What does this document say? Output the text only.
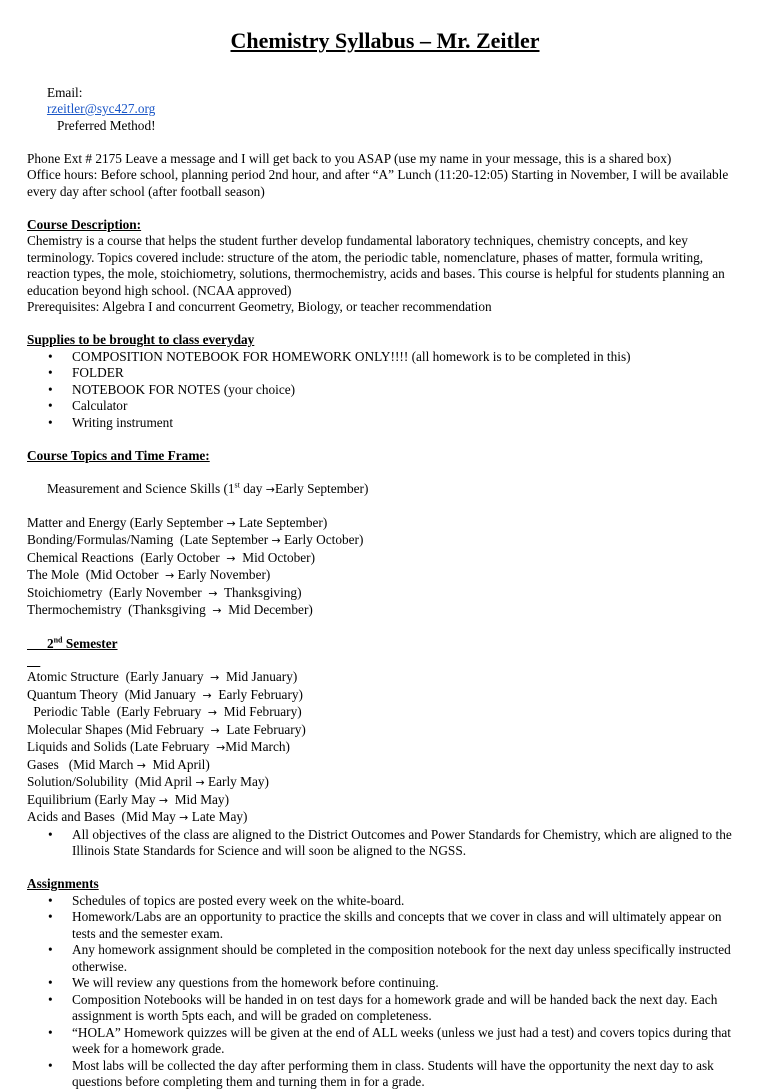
Chemistry Syllabus – Mr. Zeitler

Email:
rzeitler@syc427.org
Preferred Method!

Phone Ext # 2175 Leave a message and I will get back to you ASAP (use my name in your message, this is a shared box)
Office hours: Before school, planning period 2nd hour, and after “A” Lunch (11:20-12:05) Starting in November, I will be available every day after school (after football season)
Course Description:
Chemistry is a course that helps the student further develop fundamental laboratory techniques, chemistry concepts, and key terminology. Topics covered include: structure of the atom, the periodic table, nomenclature, phases of matter, formula writing, reaction types, the mole, stoichiometry, solutions, thermochemistry, acids and bases. This course is helpful for students planning an education beyond high school. (NCAA approved)
Prerequisites: Algebra I and concurrent Geometry, Biology, or teacher recommendation
Supplies to be brought to class everyday
• COMPOSITION NOTEBOOK FOR HOMEWORK ONLY!!!! (all homework is to be completed in this)
• FOLDER
• NOTEBOOK FOR NOTES (your choice)
• Calculator
• Writing instrument
Course Topics and Time Frame:

Measurement and Science Skills (1st day →Early September)

Matter and Energy (Early September → Late September)
Bonding/Formulas/Naming  (Late September → Early October)
Chemical Reactions  (Early October  →  Mid October)
The Mole  (Mid October  → Early November)
Stoichiometry  (Early November  →  Thanksgiving)
Thermochemistry  (Thanksgiving  →  Mid December)

2nd Semester

Atomic Structure  (Early January  →  Mid January)
Quantum Theory  (Mid January  →  Early February)
Periodic Table  (Early February  →  Mid February)
Molecular Shapes (Mid February  →  Late February)
Liquids and Solids (Late February  →Mid March)
Gases   (Mid March →  Mid April)
Solution/Solubility  (Mid April → Early May)
Equilibrium (Early May →  Mid May)
Acids and Bases  (Mid May → Late May)
• All objectives of the class are aligned to the District Outcomes and Power Standards for Chemistry, which are aligned to the Illinois State Standards for Science and will soon be aligned to the NGSS.
Assignments
• Schedules of topics are posted every week on the white-board.
• Homework/Labs are an opportunity to practice the skills and concepts that we cover in class and will ultimately appear on tests and the semester exam.
• Any homework assignment should be completed in the composition notebook for the next day unless specifically instructed otherwise.
• We will review any questions from the homework before continuing.
• Composition Notebooks will be handed in on test days for a homework grade and will be handed back the next day. Each assignment is worth 5pts each, and will be graded on completeness.
• “HOLA” Homework quizzes will be given at the end of ALL weeks (unless we just had a test) and covers topics during that week for a homework grade.
• Most labs will be collected the day after performing them in class. Students will have the opportunity the next day to ask questions before completing them and turning them in for a grade.
